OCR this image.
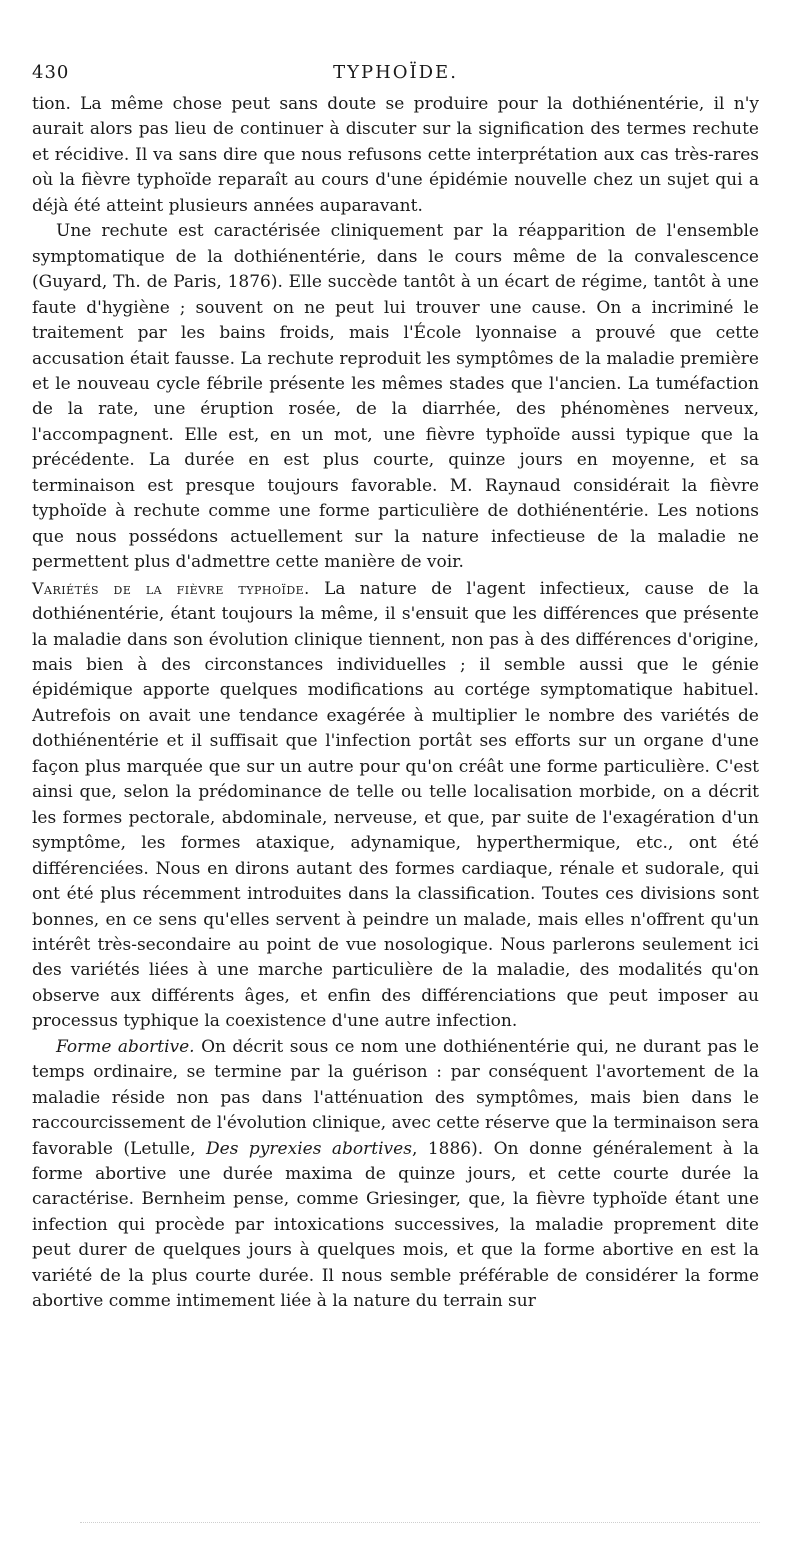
430	TYPHOÏDE.

tion. La même chose peut sans doute se produire pour la dothiénentérie, il n'y aurait alors pas lieu de continuer à discuter sur la signification des termes rechute et récidive. Il va sans dire que nous refusons cette interprétation aux cas très-rares où la fièvre typhoïde reparaît au cours d'une épidémie nouvelle chez un sujet qui a déjà été atteint plusieurs années auparavant.

Une rechute est caractérisée cliniquement par la réapparition de l'ensemble symptomatique de la dothiénentérie, dans le cours même de la convalescence (Guyard, Th. de Paris, 1876). Elle succède tantôt à un écart de régime, tantôt à une faute d'hygiène ; souvent on ne peut lui trouver une cause. On a incriminé le traitement par les bains froids, mais l'École lyonnaise a prouvé que cette accusation était fausse. La rechute reproduit les symptômes de la maladie première et le nouveau cycle fébrile présente les mêmes stades que l'ancien. La tuméfaction de la rate, une éruption rosée, de la diarrhée, des phénomènes nerveux, l'accompagnent. Elle est, en un mot, une fièvre typhoïde aussi typique que la précédente. La durée en est plus courte, quinze jours en moyenne, et sa terminaison est presque toujours favorable. M. Raynaud considérait la fièvre typhoïde à rechute comme une forme particulière de dothiénentérie. Les notions que nous possédons actuellement sur la nature infectieuse de la maladie ne permettent plus d'admettre cette manière de voir.

Variétés de la fièvre typhoïde. La nature de l'agent infectieux, cause de la dothiénentérie, étant toujours la même, il s'ensuit que les différences que présente la maladie dans son évolution clinique tiennent, non pas à des différences d'origine, mais bien à des circonstances individuelles ; il semble aussi que le génie épidémique apporte quelques modifications au cortége symptomatique habituel. Autrefois on avait une tendance exagérée à multiplier le nombre des variétés de dothiénentérie et il suffisait que l'infection portât ses efforts sur un organe d'une façon plus marquée que sur un autre pour qu'on créât une forme particulière. C'est ainsi que, selon la prédominance de telle ou telle localisation morbide, on a décrit les formes pectorale, abdominale, nerveuse, et que, par suite de l'exagération d'un symptôme, les formes ataxique, adynamique, hyperthermique, etc., ont été différenciées. Nous en dirons autant des formes cardiaque, rénale et sudorale, qui ont été plus récemment introduites dans la classification. Toutes ces divisions sont bonnes, en ce sens qu'elles servent à peindre un malade, mais elles n'offrent qu'un intérêt très-secondaire au point de vue nosologique. Nous parlerons seulement ici des variétés liées à une marche particulière de la maladie, des modalités qu'on observe aux différents âges, et enfin des différenciations que peut imposer au processus typhique la coexistence d'une autre infection.

Forme abortive. On décrit sous ce nom une dothiénentérie qui, ne durant pas le temps ordinaire, se termine par la guérison : par conséquent l'avortement de la maladie réside non pas dans l'atténuation des symptômes, mais bien dans le raccourcissement de l'évolution clinique, avec cette réserve que la terminaison sera favorable (Letulle, Des pyrexies abortives, 1886). On donne généralement à la forme abortive une durée maxima de quinze jours, et cette courte durée la caractérise. Bernheim pense, comme Griesinger, que, la fièvre typhoïde étant une infection qui procède par intoxications successives, la maladie proprement dite peut durer de quelques jours à quelques mois, et que la forme abortive en est la variété de la plus courte durée. Il nous semble préférable de considérer la forme abortive comme intimement liée à la nature du terrain sur
